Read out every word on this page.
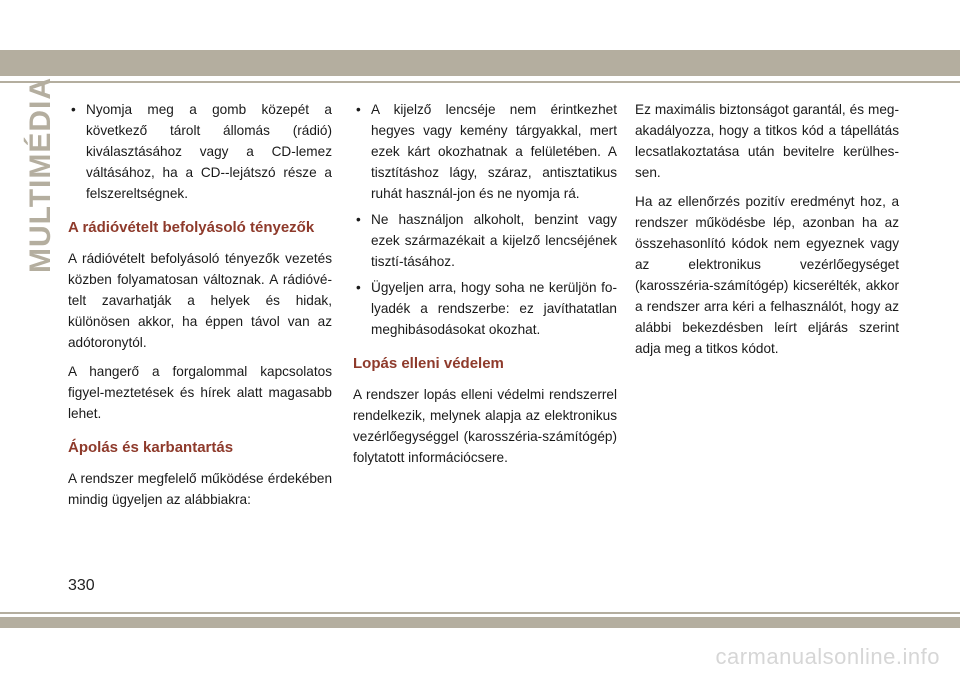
MULTIMÉDIA • Nyomja meg a gomb közepét a következő tárolt állomás (rádió) kiválasztásához vagy a CD-lemez váltásához, ha a CD--lejátszó része a felszereltségnek.
A rádióvételt befolyásoló tényezők

A rádióvételt befolyásoló tényezők vezetés közben folyamatosan változnak. A rádióvé-telt zavarhatják a helyek és hidak, különösen akkor, ha éppen távol van az adótoronytól.

A hangerő a forgalommal kapcsolatos figyel-meztetések és hírek alatt magasabb lehet.

Ápolás és karbantartás

A rendszer megfelelő működése érdekében mindig ügyeljen az alábbiakra:

• A kijelző lencséje nem érintkezhet hegyes vagy kemény tárgyakkal, mert ezek kárt okozhatnak a felületében. A tisztításhoz lágy, száraz, antisztatikus ruhát használ-jon és ne nyomja rá.
• Ne használjon alkoholt, benzint vagy ezek származékait a kijelző lencséjének tisztí-tásához.
• Ügyeljen arra, hogy soha ne kerüljön fo-lyadék a rendszerbe: ez javíthatatlan meghibásodásokat okozhat.
Lopás elleni védelem

A rendszer lopás elleni védelmi rendszerrel rendelkezik, melynek alapja az elektronikus vezérlőegységgel (karosszéria-számítógép) folytatott információcsere.

Ez maximális biztonságot garantál, és meg-akadályozza, hogy a titkos kód a tápellátás lecsatlakoztatása után bevitelre kerülhes-sen.

Ha az ellenőrzés pozitív eredményt hoz, a rendszer működésbe lép, azonban ha az összehasonlító kódok nem egyeznek vagy az elektronikus vezérlőegységet (karosszéria-számítógép) kicserélték, akkor a rendszer arra kéri a felhasználót, hogy az alábbi bekezdésben leírt eljárás szerint adja meg a titkos kódot.

330
carmanualsonline.info
